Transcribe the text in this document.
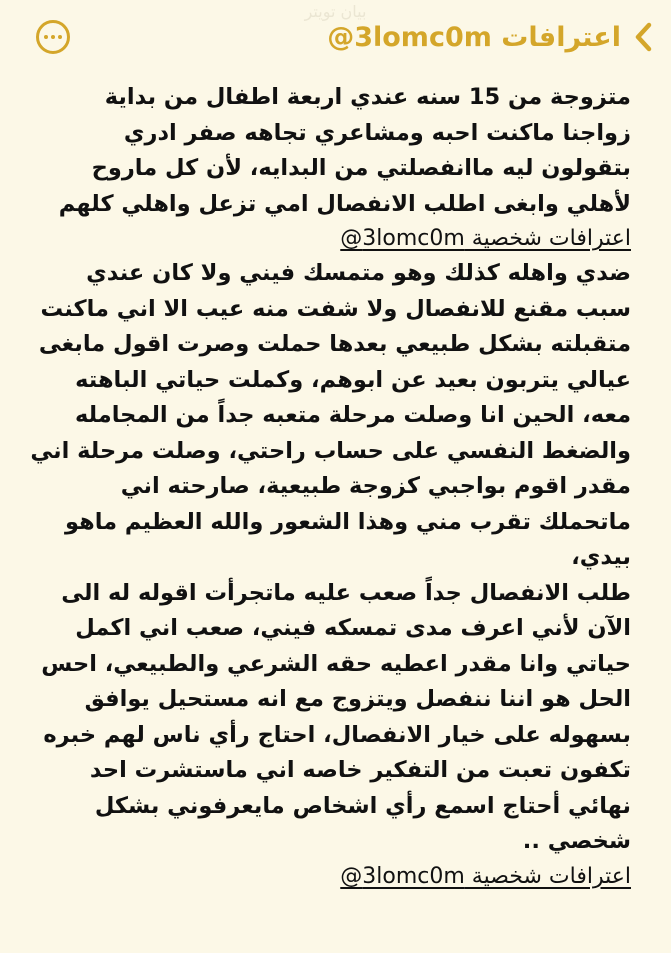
بيان تويتر
اعترافات 3lomc0m@

متزوجة من 15 سنه عندي اربعة اطفال من بداية زواجنا ماكنت احبه ومشاعري تجاهه صفر ادري بتقولون ليه ماانفصلتي من البدايه، لأن كل ماروح لأهلي وابغى اطلب الانفصال امي تزعل واهلي كلهم

اعترافات شخصية 3lomc0m@

ضدي واهله كذلك وهو متمسك فيني ولا كان عندي سبب مقنع للانفصال ولا شفت منه عيب الا اني ماكنت متقبلته بشكل طبيعي بعدها حملت وصرت اقول مابغى عيالي يتربون بعيد عن ابوهم، وكملت حياتي الباهته معه، الحين انا وصلت مرحلة متعبه جداً من المجامله والضغط النفسي على حساب راحتي، وصلت مرحلة اني مقدر اقوم بواجبي كزوجة طبيعية، صارحته اني ماتحملك تقرب مني وهذا الشعور والله العظيم ماهو بيدي،

طلب الانفصال جداً صعب عليه ماتجرأت اقوله له الى الآن لأني اعرف مدى تمسكه فيني، صعب اني اكمل حياتي وانا مقدر اعطيه حقه الشرعي والطبيعي، احس الحل هو اننا ننفصل ويتزوج مع انه مستحيل يوافق بسهوله على خيار الانفصال، احتاج رأي ناس لهم خبره تكفون تعبت من التفكير خاصه اني ماستشرت احد نهائي أحتاج اسمع رأي اشخاص مايعرفوني بشكل شخصي ..

اعترافات شخصية 3lomc0m@
